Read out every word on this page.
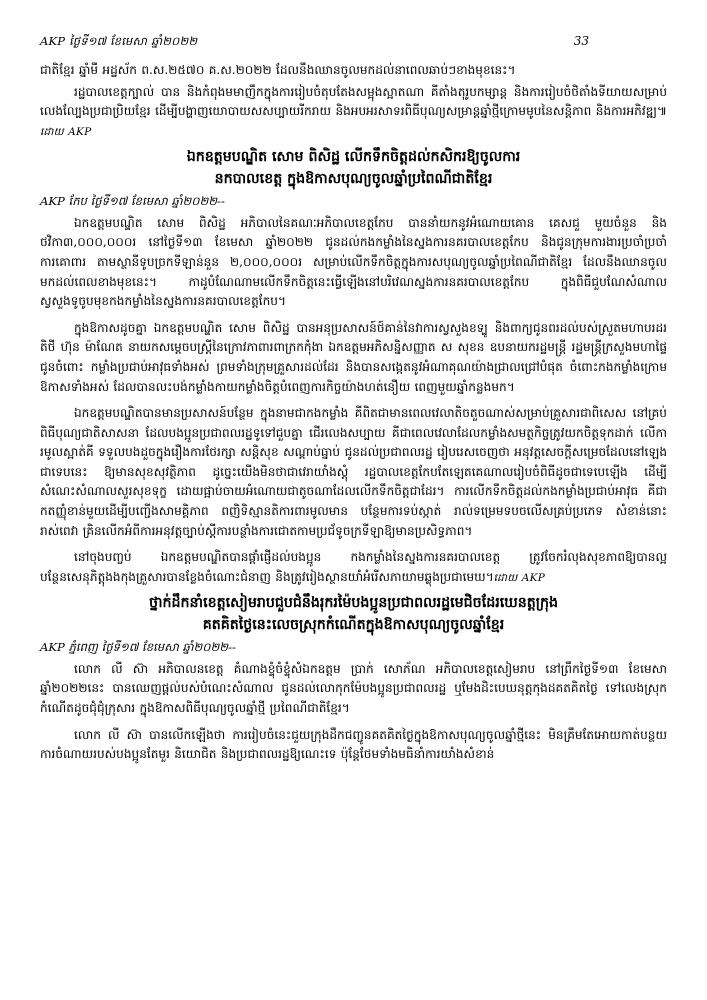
AKP ថ្ងៃទី១៧ ខែមេសា ឆ្នាំ២០២២	33

ជាតិខ្មែរ ឆ្នាំមឺ អដ្ឋស័ក ព.ស.២៥៧០ គ.ស.២០២២ ដែលនឹងឈានចូលមកដល់នាពេលឆាប់ៗខាងមុខនេះ។

រដ្ឋបាលខេត្តក្បាល់ បាន និងកំពុងមមាញឹកក្នុងការរៀបចំតុបតែងសម្អុងស្អាតណា គីតាំងតុរូបកម្សាន្ត និងការរៀបចំថិតាំងទីយាយសម្រាប់លេងល្បែងប្រជាប្រិយខ្មែរ ដើម្បីបង្ហាញយោបាយសសប្បាយរីករាយ និងអបអរសាទរពិធីបុណ្យសម្រាន្តឆ្នាំថ្មីក្រោមមូបនៃសន្តិភាព និងការអភិវឌ្ឍ៕ដោយ AKP

ឯកឧត្តមបណ្ឌិត សោម ពិសិដ្ឋ លើកទឹកចិត្តដល់កសិករឱ្យចូលការ
នកបាលខេត្ត ក្នុងឱកាសបុណ្យចូលឆ្នាំប្រពៃណីជាតិខ្មែរ
AKP កែប ថ្ងៃទី១៧ ខែមេសា ឆ្នាំ២០២២--

ឯកឧត្តមបណ្ឌិត សោម ពិសិដ្ឋ អភិបាលនៃគណៈអភិបាលខេត្តកែប បាននាំយកនូវអំណោយគោន គេសជួ មួយចំនួន និងថវិកា៣,០០០,០០០រ នៅថ្ងៃទី១៣ ខែមេសា ឆ្នាំ២០២២ ជូនដល់កងកម្លាំងនៃស្នងការនគរបាលខេត្តកែប និងជូនក្រុមការងារប្រចាំប្រចាំការគោពារ តាមស្ថានីទូបច្រកទីឡាន់នួន ២,០០០,០០០រ សម្រាប់លើកទឹកចិត្តក្នុងការសបុណ្យចូលឆ្នាំប្រពៃណីជាតិខ្មែរ ដែលនឹងឈានចូលមកដល់ពេលខាងមុខនេះ។ កាដូបំណែណាមលើកទឹកចិត្តនេះធ្វើឡើងនៅបរិវេណស្នងការនគរបាលខេត្តកែប ក្នុងពិធីជួបណែសំណាល ស្វសួងទូចូបមុខកងកម្លាំងនៃស្នងការនគរបាលខេត្តកែប។

ក្នុងឱកាសដូចគ្នា ឯកឧត្តមបណ្ឌិត សោម ពិសិដ្ឋ បានអនុប្រសាសន៍ថ៍គាន់នៃវាការស្វសួងខទ្បូ និងពាក្យជូនពរដល់បស់ស្រួតមហាបរដរតិថី ហ៊ុន ម៉ាណែត នាយកសម្ដេចបស្រ្តីនៃក្រោវភាពារពាក្រកកុំងា ឯកឧត្តមអភិសន្និសញ្ញាត ស សុខន ឧបនាយករដ្ឋមន្ត្រី រដ្ឋមន្ត្រីក្រសួងមហាផ្ទៃ ជូនចំពោះ កម្លាំងប្រជាប់អាវុធទាំងអស់ ព្រមទាំងក្រុមគ្រួសារដល់ដែរ និងបានសង្កេតនូវអំណាគុណយ៉ាងជ្រាលជ្រៅបំផុត ចំពោះកងកម្លាំងក្រោមឱកាសទាំងអស់ ដែលបានលះបង់កម្លាំងកាយកម្លាំងចិត្តបំពេញការកិច្ចយ៉ាងហត់នឿយ ពេញមួយឆ្នាំកន្លងមក។

ឯកឧត្តមបណ្ឌិតបានមានប្រសាសន៍បន្ថែម ក្នុងនាមជាកងកម្លាំង គីពិតជាមានពេលវេលាតិចតួចណាស់សម្រាប់គ្រួសារជាពិសេស នៅគ្រប់ពិធីបុណ្យជាតិសាសនា ដែលបងប្អូនប្រជាពលរដ្ឋទូទៅជួបគ្នា ជើរលេងសប្បាយ គីជាពេលវេលាដែលកម្លាំងសមត្ថកិច្ចត្រូវយកចិត្តទុកដាក់ លើការមូលស្អាត់គី ទទួលបងដួចក្នុងរឿងការថែរក្សា សន្តិសុខ សណ្តាប់ធ្នាប់ ជូនដល់ប្រជាពលរដ្ឋ រៀបរេសចេញថា អនុវត្តសេចក្តីសម្រេចដែលនៅឡេងជាទេបនេះ ឱ្យមានសុខសុវត្ថិភាព ដូច្នេះយើងមិនថាជាវេរាយាំងស្តុំ រដ្ឋបាលខេត្តកែបតែឡេតគេណាលរៀបចំពិធីដូចជាទេបេឡើង ដើម្បីសំណេះសំណាលសួរសុខទុក្ខ ដោយផ្អាប់ចាយអំណោយជាតូចណាដែលលើកទឹកចិត្តជាដែរ។ ការលើកទឹកចិត្តដល់កងកម្លាំងប្រជាប់អាវុធ គីជាកតញ្ញុំខាន់មួយដើម្បីបញ្ជើងសាមគ្គិភាព ពញិទិស្មានតិការពារមូលមាន បន្ថែមការទប់ស្កាត់ រាល់ទម្រេមទបចលើសគ្រប់ប្រភេទ សំខាន់នោះ រាស់ពេវា គ្រិនលើកអំពីការអនុវត្តច្បាប់ស្តីការបន្ថាំងការជោតកាមប្រជ័ទូចក្រទីឡាឱ្យមានប្រសិទ្ធភាព។

នៅចុងបញ្ចប់ ឯកឧត្តមបណ្ឌិតបានផ្តាំផ្ញើដល់បងប្អូន កងកម្លាំងនៃស្នងការនគរបាលខេត្ត ត្រូវចែករំលុងសុខភាពឱ្យបានល្អ បន្ថែនសេនុភិត្តុងងកុងគ្រួសារបានខ្លែងចំណោះជំនាញ និងត្រូវរៀងស្ថានយាំអំរើសភាយាមឆ្លុងប្រជាមេឃ។ដោយ AKP

ថ្នាក់ដឹកនាំខេត្តសៀមរាបជួបជំនឹងរុករម៉ៃបងប្អូនប្រជាពលរដ្ឋមេជិចដែរឃេនត្តក្រុង
គតគិតថ្ងៃនេះលេចស្រុកកំណើតក្នុងឱកាសបុណ្យចូលឆ្នាំខ្មែរ
AKP ភ្នំពេញ ថ្ងៃទី១៧ ខែមេសា ឆ្នាំ២០២២--

លោក លី ស៊ា អភិបាលនខេត្ត គំណាងខ្ទុំចំខ្ទុំសំឯកឧត្តម ប្រាក់ សោភ័ណ អភិបាលខេត្តសៀមរាប នៅព្រឹកថ្ងៃទី១៣ ខែមេសា ឆ្នាំ២០២២នេះ បានឈេញផ្តល់បស់បំណេះសំណាល ជូនដល់លោកុកម៉ែបងប្អូនប្រជាពលរដ្ឋ ឬមែងដិះបេឃនុត្តកុងដគតគិតថ្ងៃ ទៅលេងស្រុកកំណើតដូចជុំជុំក្រុសារ ក្នុងឱកាសពិធីបុណ្យចូលឆ្នាំថ្មី ប្រពៃណីជាតិខ្មែរ។

លោក លី ស៊ា បានលើកឡើងថា ការរៀបចំនេះជួយក្រុងដឹកជញ្ជូនគតគិតថ្ងៃក្នុងឱកាសបុណ្យចូលឆ្នាំថ្មីនេះ មិនគ្រឹមតែអោយកាត់បន្ថយការចំណាយរបស់បងប្អូនតែមួរ និយោជិត និងប្រជាពលរដ្ឋឱ្យណេះទេ ប៉ុន្តែថែមទាំងមធិនាំការយាំងសំខាន់
